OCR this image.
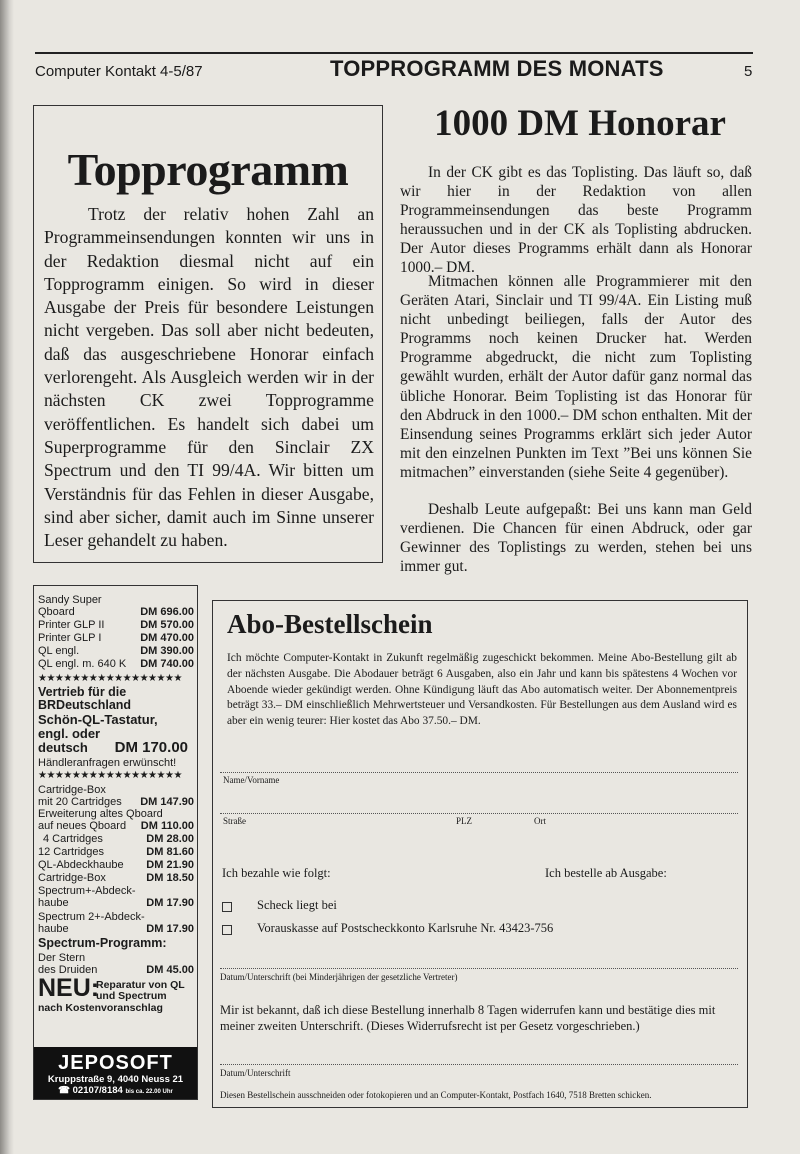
Computer Kontakt 4-5/87	TOPPROGRAMM DES MONATS	5
Topprogramm
Trotz der relativ hohen Zahl an Programmeinsendungen konnten wir uns in der Redaktion diesmal nicht auf ein Topprogramm einigen. So wird in dieser Ausgabe der Preis für besondere Leistungen nicht vergeben. Das soll aber nicht bedeuten, daß das ausgeschriebene Honorar einfach verlorengeht. Als Ausgleich werden wir in der nächsten CK zwei Topprogramme veröffentlichen. Es handelt sich dabei um Superprogramme für den Sinclair ZX Spectrum und den TI 99/4A. Wir bitten um Verständnis für das Fehlen in dieser Ausgabe, sind aber sicher, damit auch im Sinne unserer Leser gehandelt zu haben.
1000 DM Honorar

In der CK gibt es das Toplisting. Das läuft so, daß wir hier in der Redaktion von allen Programmeinsendungen das beste Programm heraussuchen und in der CK als Toplisting abdrucken. Der Autor dieses Programms erhält dann als Honorar 1000.– DM.

Mitmachen können alle Programmierer mit den Geräten Atari, Sinclair und TI 99/4A. Ein Listing muß nicht unbedingt beiliegen, falls der Autor des Programms noch keinen Drucker hat. Werden Programme abgedruckt, die nicht zum Toplisting gewählt wurden, erhält der Autor dafür ganz normal das übliche Honorar. Beim Toplisting ist das Honorar für den Abdruck in den 1000.– DM schon enthalten. Mit der Einsendung seines Programms erklärt sich jeder Autor mit den einzelnen Punkten im Text ”Bei uns können Sie mitmachen” einverstanden (siehe Seite 4 gegenüber).

Deshalb Leute aufgepaßt: Bei uns kann man Geld verdienen. Die Chancen für einen Abdruck, oder gar Gewinner des Toplistings zu werden, stehen bei uns immer gut.

Sandy Super
Qboard	DM 696.00
Printer GLP II	DM 570.00
Printer GLP I	DM 470.00
QL engl.	DM 390.00
QL engl. m. 640 K DM 740.00
★★★★★★★★★★★★★★★★★
Vertrieb für die
BRDeutschland
Schön-QL-Tastatur,
engl. oder
deutsch DM 170.00
Händleranfragen erwünscht!
★★★★★★★★★★★★★★★★★
Cartridge-Box
mit 20 Cartridges DM 147.90
Erweiterung altes Qboard
auf neues Qboard DM 110.00
4 Cartridges	DM 28.00
12 Cartridges	DM 81.60
QL-Abdeckhaube DM 21.90
Cartridge-Box	DM 18.50
Spectrum+-Abdeck-
haube	DM 17.90
Spectrum 2+-Abdeck-
haube	DM 17.90
Spectrum-Programm:
Der Stern
des Druiden	DM 45.00
NEU:
Reparatur von QL
und Spectrum
nach Kostenvoranschlag
JEPOSOFT
Kruppstraße 9, 4040 Neuss 21
☎ 02107/8184 bis ca. 22.00 Uhr
Abo-Bestellschein
Ich möchte Computer-Kontakt in Zukunft regelmäßig zugeschickt bekommen. Meine Abo-Bestellung gilt ab der nächsten Ausgabe. Die Abodauer beträgt 6 Ausgaben, also ein Jahr und kann bis spätestens 4 Wochen vor Aboende wieder gekündigt werden. Ohne Kündigung läuft das Abo automatisch weiter. Der Abonnementpreis beträgt 33.– DM einschließlich Mehrwertsteuer und Versandkosten. Für Bestellungen aus dem Ausland wird es aber ein wenig teurer: Hier kostet das Abo 37.50.– DM.
Name/Vorname
Straße	PLZ	Ort
Ich bezahle wie folgt:	Ich bestelle ab Ausgabe:
Scheck liegt bei
Vorauskasse auf Postscheckkonto Karlsruhe Nr. 43423-756
Datum/Unterschrift (bei Minderjährigen der gesetzliche Vertreter)
Mir ist bekannt, daß ich diese Bestellung innerhalb 8 Tagen widerrufen kann und bestätige dies mit meiner zweiten Unterschrift. (Dieses Widerrufsrecht ist per Gesetz vorgeschrieben.)
Datum/Unterschrift
Diesen Bestellschein ausschneiden oder fotokopieren und an Computer-Kontakt, Postfach 1640, 7518 Bretten schicken.
